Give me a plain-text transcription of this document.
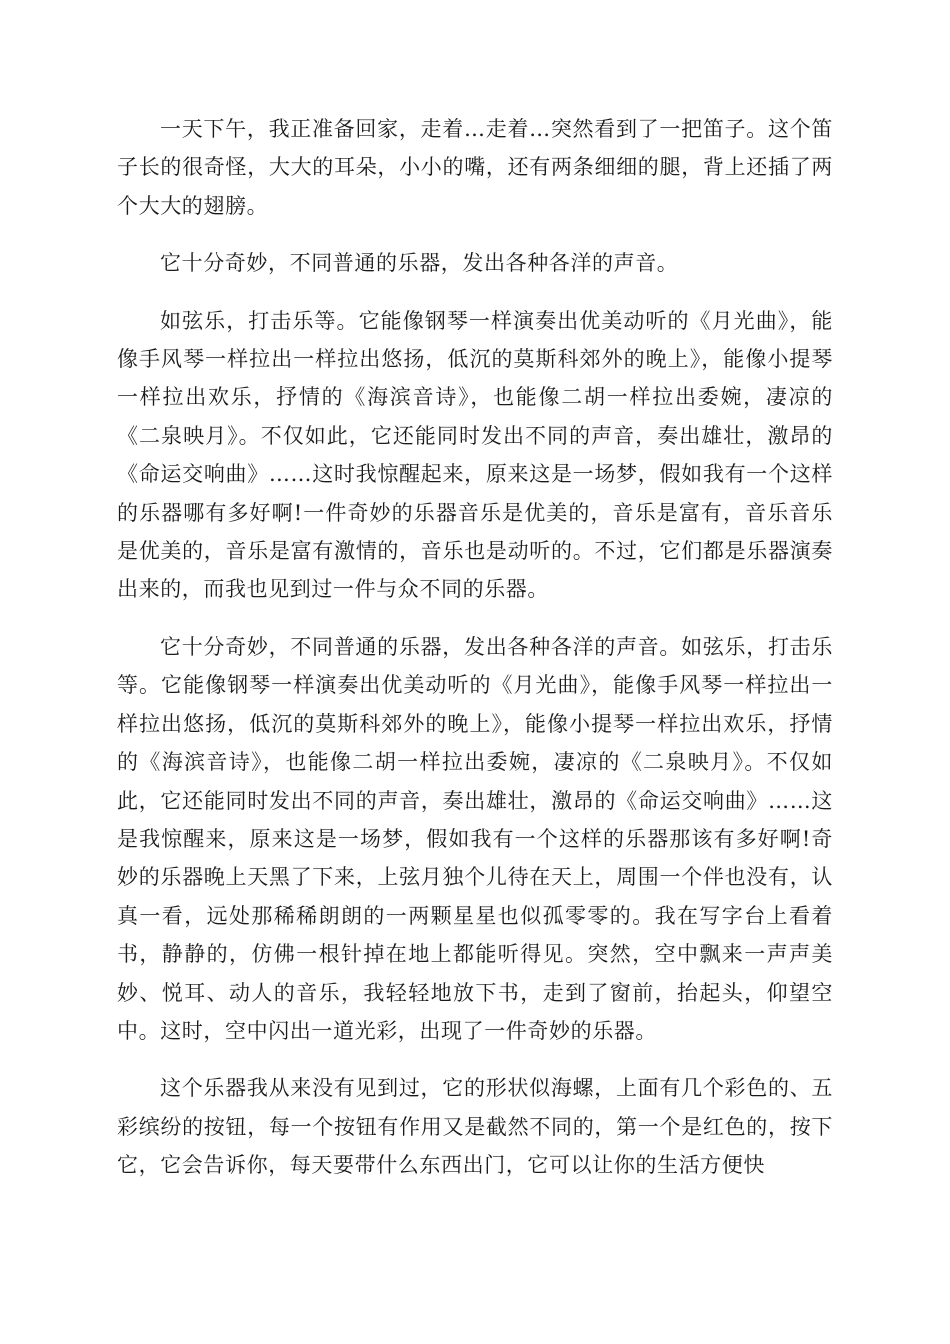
一天下午，我正准备回家，走着…走着…突然看到了一把笛子。这个笛子长的很奇怪，大大的耳朵，小小的嘴，还有两条细细的腿，背上还插了两个大大的翅膀。

它十分奇妙，不同普通的乐器，发出各种各洋的声音。

如弦乐，打击乐等。它能像钢琴一样演奏出优美动听的《月光曲》，能像手风琴一样拉出一样拉出悠扬，低沉的莫斯科郊外的晚上》，能像小提琴一样拉出欢乐，抒情的《海滨音诗》，也能像二胡一样拉出委婉，凄凉的《二泉映月》。不仅如此，它还能同时发出不同的声音，奏出雄壮，激昂的《命运交响曲》……这时我惊醒起来，原来这是一场梦，假如我有一个这样的乐器哪有多好啊!一件奇妙的乐器音乐是优美的，音乐是富有，音乐音乐是优美的，音乐是富有激情的，音乐也是动听的。不过，它们都是乐器演奏出来的，而我也见到过一件与众不同的乐器。

它十分奇妙，不同普通的乐器，发出各种各洋的声音。如弦乐，打击乐等。它能像钢琴一样演奏出优美动听的《月光曲》，能像手风琴一样拉出一样拉出悠扬，低沉的莫斯科郊外的晚上》，能像小提琴一样拉出欢乐，抒情的《海滨音诗》，也能像二胡一样拉出委婉，凄凉的《二泉映月》。不仅如此，它还能同时发出不同的声音，奏出雄壮，激昂的《命运交响曲》……这是我惊醒来，原来这是一场梦，假如我有一个这样的乐器那该有多好啊!奇妙的乐器晚上天黑了下来，上弦月独个儿待在天上，周围一个伴也没有，认真一看，远处那稀稀朗朗的一两颗星星也似孤零零的。我在写字台上看着书，静静的，仿佛一根针掉在地上都能听得见。突然，空中飘来一声声美妙、悦耳、动人的音乐，我轻轻地放下书，走到了窗前，抬起头，仰望空中。这时，空中闪出一道光彩，出现了一件奇妙的乐器。

这个乐器我从来没有见到过，它的形状似海螺，上面有几个彩色的、五彩缤纷的按钮，每一个按钮有作用又是截然不同的，第一个是红色的，按下它，它会告诉你，每天要带什么东西出门，它可以让你的生活方便快
